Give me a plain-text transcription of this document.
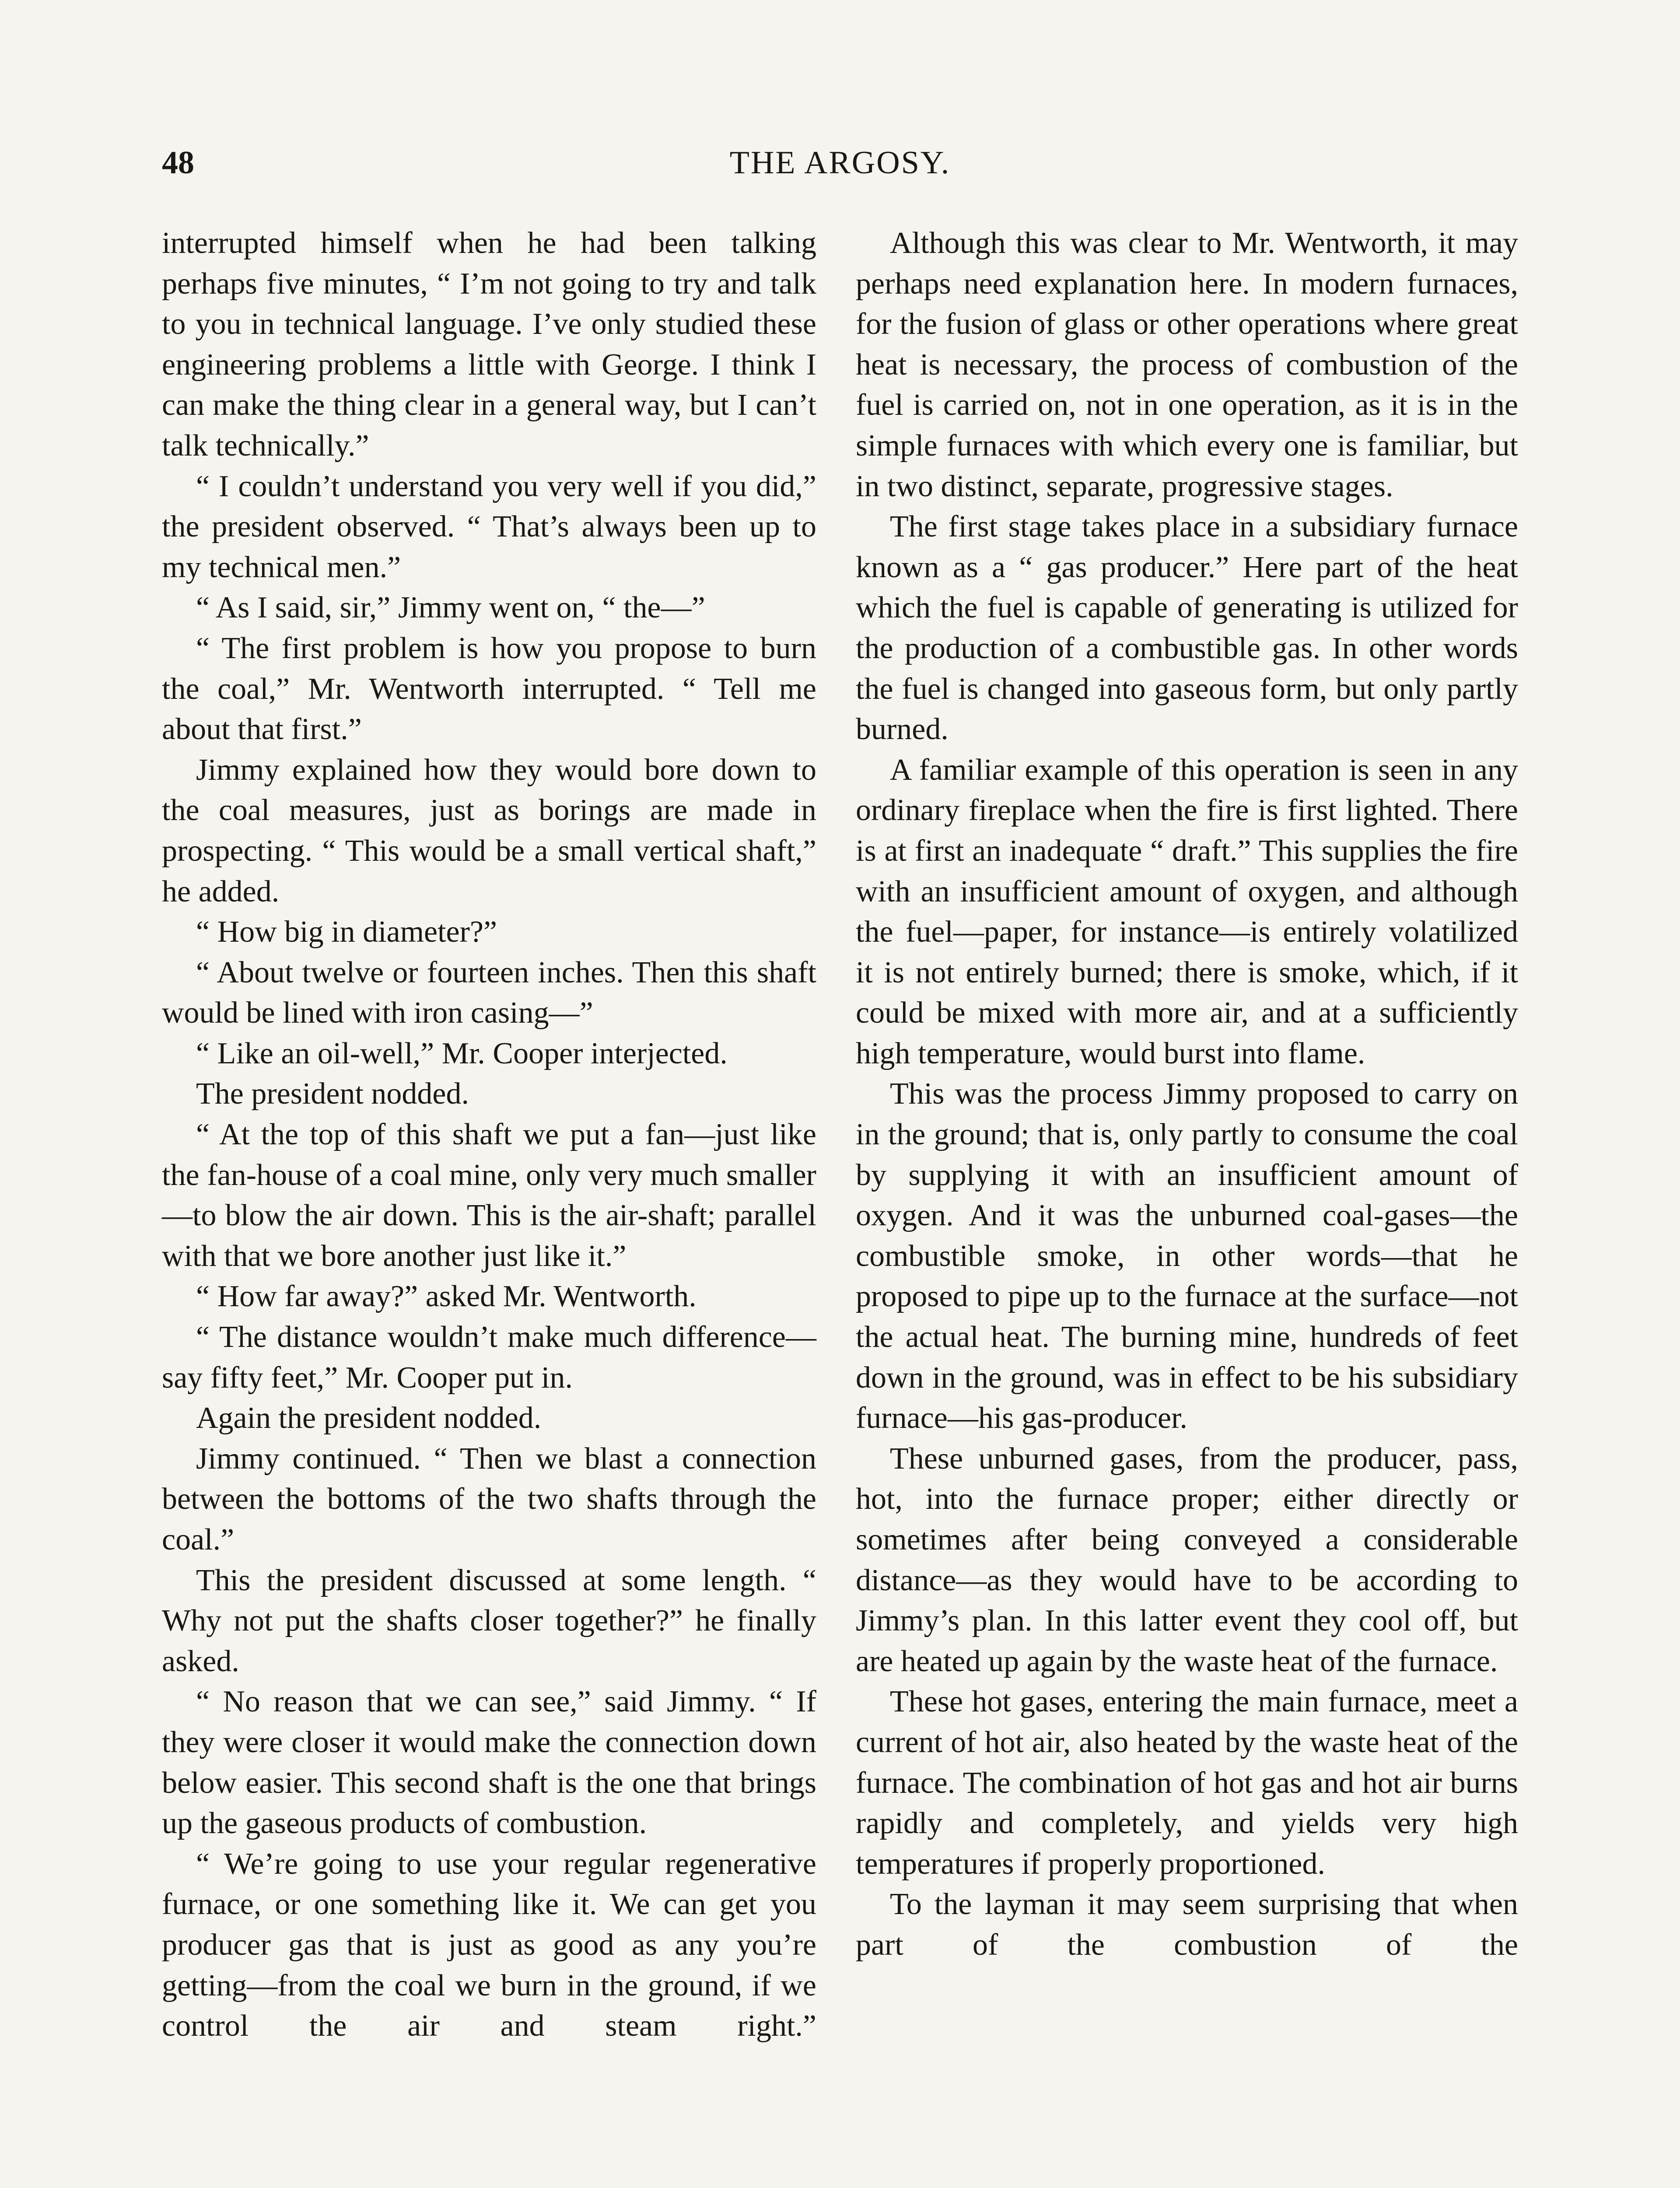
48	THE ARGOSY.

interrupted himself when he had been talking perhaps five minutes, “ I’m not going to try and talk to you in technical language. I’ve only studied these engineering problems a little with George. I think I can make the thing clear in a general way, but I can’t talk technically.”

“ I couldn’t understand you very well if you did,” the president observed. “ That’s always been up to my technical men.”

“ As I said, sir,” Jimmy went on, “ the—”

“ The first problem is how you propose to burn the coal,” Mr. Wentworth interrupted. “ Tell me about that first.”

Jimmy explained how they would bore down to the coal measures, just as borings are made in prospecting. “ This would be a small vertical shaft,” he added.

“ How big in diameter?”

“ About twelve or fourteen inches. Then this shaft would be lined with iron casing—”

“ Like an oil-well,” Mr. Cooper interjected.

The president nodded.

“ At the top of this shaft we put a fan—just like the fan-house of a coal mine, only very much smaller—to blow the air down. This is the air-shaft; parallel with that we bore another just like it.”

“ How far away?” asked Mr. Wentworth.

“ The distance wouldn’t make much difference—say fifty feet,” Mr. Cooper put in.

Again the president nodded.

Jimmy continued. “ Then we blast a connection between the bottoms of the two shafts through the coal.”

This the president discussed at some length. “ Why not put the shafts closer together?” he finally asked.

“ No reason that we can see,” said Jimmy. “ If they were closer it would make the connection down below easier. This second shaft is the one that brings up the gaseous products of combustion.

“ We’re going to use your regular regenerative furnace, or one something like it. We can get you producer gas that is just as good as any you’re getting—from the coal we burn in the ground, if we control the air and steam right.”

Although this was clear to Mr. Wentworth, it may perhaps need explanation here. In modern furnaces, for the fusion of glass or other operations where great heat is necessary, the process of combustion of the fuel is carried on, not in one operation, as it is in the simple furnaces with which every one is familiar, but in two distinct, separate, progressive stages.

The first stage takes place in a subsidiary furnace known as a “ gas producer.” Here part of the heat which the fuel is capable of generating is utilized for the production of a combustible gas. In other words the fuel is changed into gaseous form, but only partly burned.

A familiar example of this operation is seen in any ordinary fireplace when the fire is first lighted. There is at first an inadequate “ draft.” This supplies the fire with an insufficient amount of oxygen, and although the fuel—paper, for instance—is entirely volatilized it is not entirely burned; there is smoke, which, if it could be mixed with more air, and at a sufficiently high temperature, would burst into flame.

This was the process Jimmy proposed to carry on in the ground; that is, only partly to consume the coal by supplying it with an insufficient amount of oxygen. And it was the unburned coal-gases—the combustible smoke, in other words—that he proposed to pipe up to the furnace at the surface—not the actual heat. The burning mine, hundreds of feet down in the ground, was in effect to be his subsidiary furnace—his gas-producer.

These unburned gases, from the producer, pass, hot, into the furnace proper; either directly or sometimes after being conveyed a considerable distance—as they would have to be according to Jimmy’s plan. In this latter event they cool off, but are heated up again by the waste heat of the furnace.

These hot gases, entering the main furnace, meet a current of hot air, also heated by the waste heat of the furnace. The combination of hot gas and hot air burns rapidly and completely, and yields very high temperatures if properly proportioned.

To the layman it may seem surprising that when part of the combustion of the
